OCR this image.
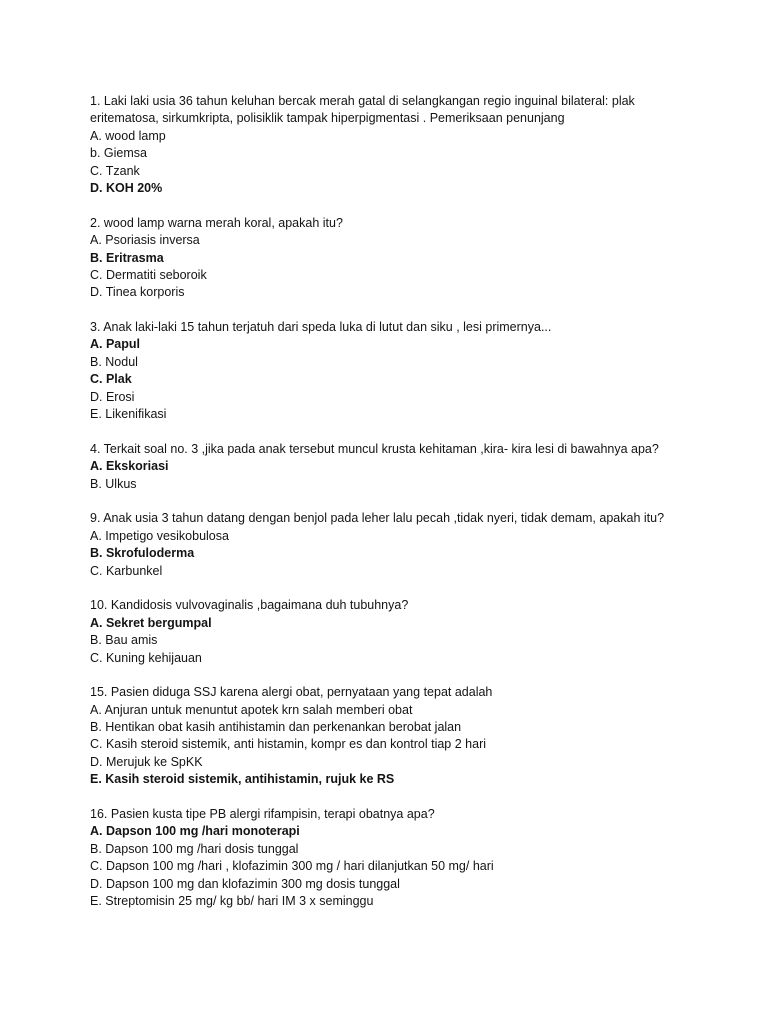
1. Laki laki usia 36 tahun keluhan bercak merah gatal di selangkangan regio inguinal bilateral: plak
eritematosa, sirkumkripta, polisiklik tampak hiperpigmentasi . Pemeriksaan penunjang
A. wood lamp
b. Giemsa
C. Tzank
D. KOH 20%
2. wood lamp warna merah koral, apakah itu?
A. Psoriasis inversa
B. Eritrasma
C. Dermatiti seboroik
D. Tinea korporis
3. Anak laki-laki 15 tahun terjatuh dari speda luka di lutut dan siku , lesi primernya...
A. Papul
B. Nodul
C. Plak
D. Erosi
E. Likenifikasi
4. Terkait soal no. 3 ,jika pada anak tersebut muncul krusta kehitaman ,kira- kira lesi di bawahnya apa?
A. Ekskoriasi
B. Ulkus
9. Anak usia 3 tahun datang dengan benjol pada leher lalu pecah ,tidak nyeri, tidak demam, apakah itu?
A. Impetigo vesikobulosa
B. Skrofuloderma
C. Karbunkel
10. Kandidosis vulvovaginalis ,bagaimana duh tubuhnya?
A. Sekret bergumpal
B. Bau amis
C. Kuning kehijauan
15. Pasien diduga SSJ karena alergi obat, pernyataan yang tepat adalah
A. Anjuran untuk menuntut apotek krn salah memberi obat
B. Hentikan obat kasih antihistamin dan perkenankan berobat jalan
C. Kasih steroid sistemik, anti histamin, kompr es dan kontrol tiap 2 hari
D. Merujuk ke SpKK
E. Kasih steroid sistemik, antihistamin, rujuk ke RS
16. Pasien kusta tipe PB alergi rifampisin, terapi obatnya apa?
A. Dapson 100 mg /hari monoterapi
B. Dapson 100 mg /hari dosis tunggal
C. Dapson 100 mg /hari , klofazimin 300 mg / hari dilanjutkan 50 mg/ hari
D. Dapson 100 mg dan klofazimin 300 mg dosis tunggal
E. Streptomisin 25 mg/ kg bb/ hari IM 3 x seminggu
